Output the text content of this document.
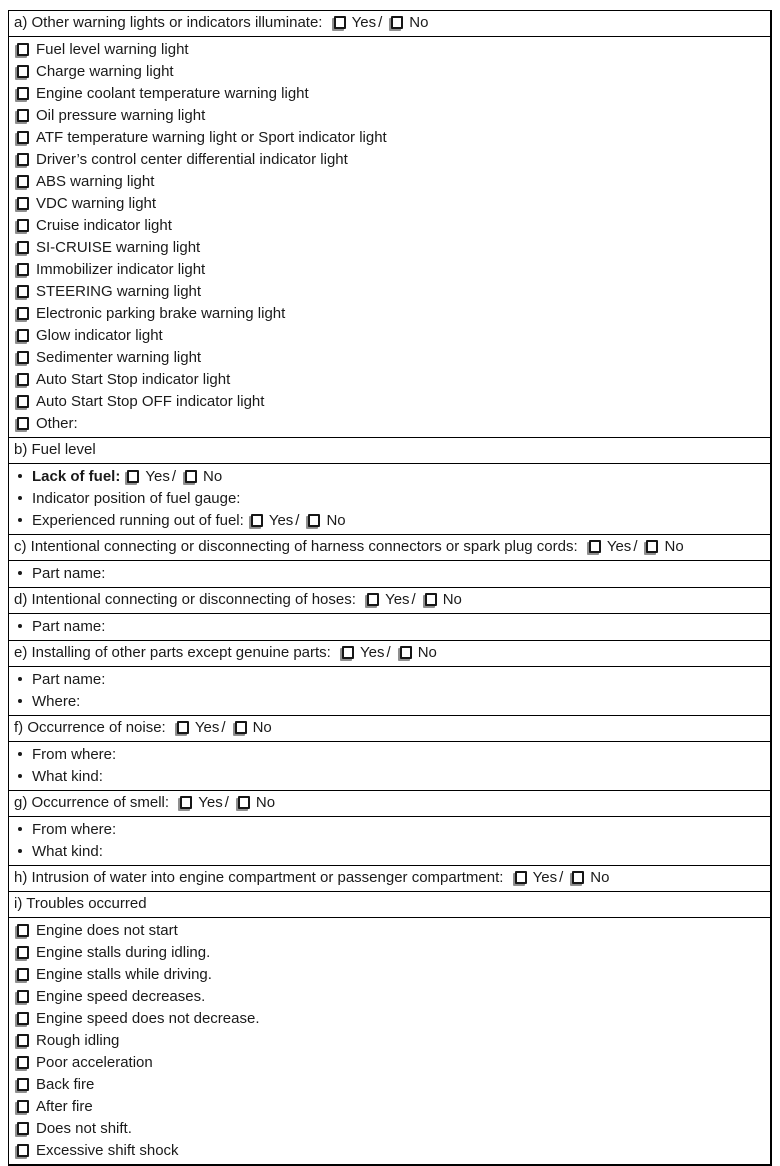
a) Other warning lights or indicators illuminate: Yes / No
Fuel level warning light
Charge warning light
Engine coolant temperature warning light
Oil pressure warning light
ATF temperature warning light or Sport indicator light
Driver’s control center differential indicator light
ABS warning light
VDC warning light
Cruise indicator light
SI-CRUISE warning light
Immobilizer indicator light
STEERING warning light
Electronic parking brake warning light
Glow indicator light
Sedimenter warning light
Auto Start Stop indicator light
Auto Start Stop OFF indicator light
Other:
b) Fuel level
Lack of fuel: Yes / No
Indicator position of fuel gauge:
Experienced running out of fuel: Yes / No
c) Intentional connecting or disconnecting of harness connectors or spark plug cords: Yes / No
Part name:
d) Intentional connecting or disconnecting of hoses: Yes / No
Part name:
e) Installing of other parts except genuine parts: Yes / No
Part name:
Where:
f) Occurrence of noise: Yes / No
From where:
What kind:
g) Occurrence of smell: Yes / No
From where:
What kind:
h) Intrusion of water into engine compartment or passenger compartment: Yes / No
i) Troubles occurred
Engine does not start
Engine stalls during idling.
Engine stalls while driving.
Engine speed decreases.
Engine speed does not decrease.
Rough idling
Poor acceleration
Back fire
After fire
Does not shift.
Excessive shift shock
